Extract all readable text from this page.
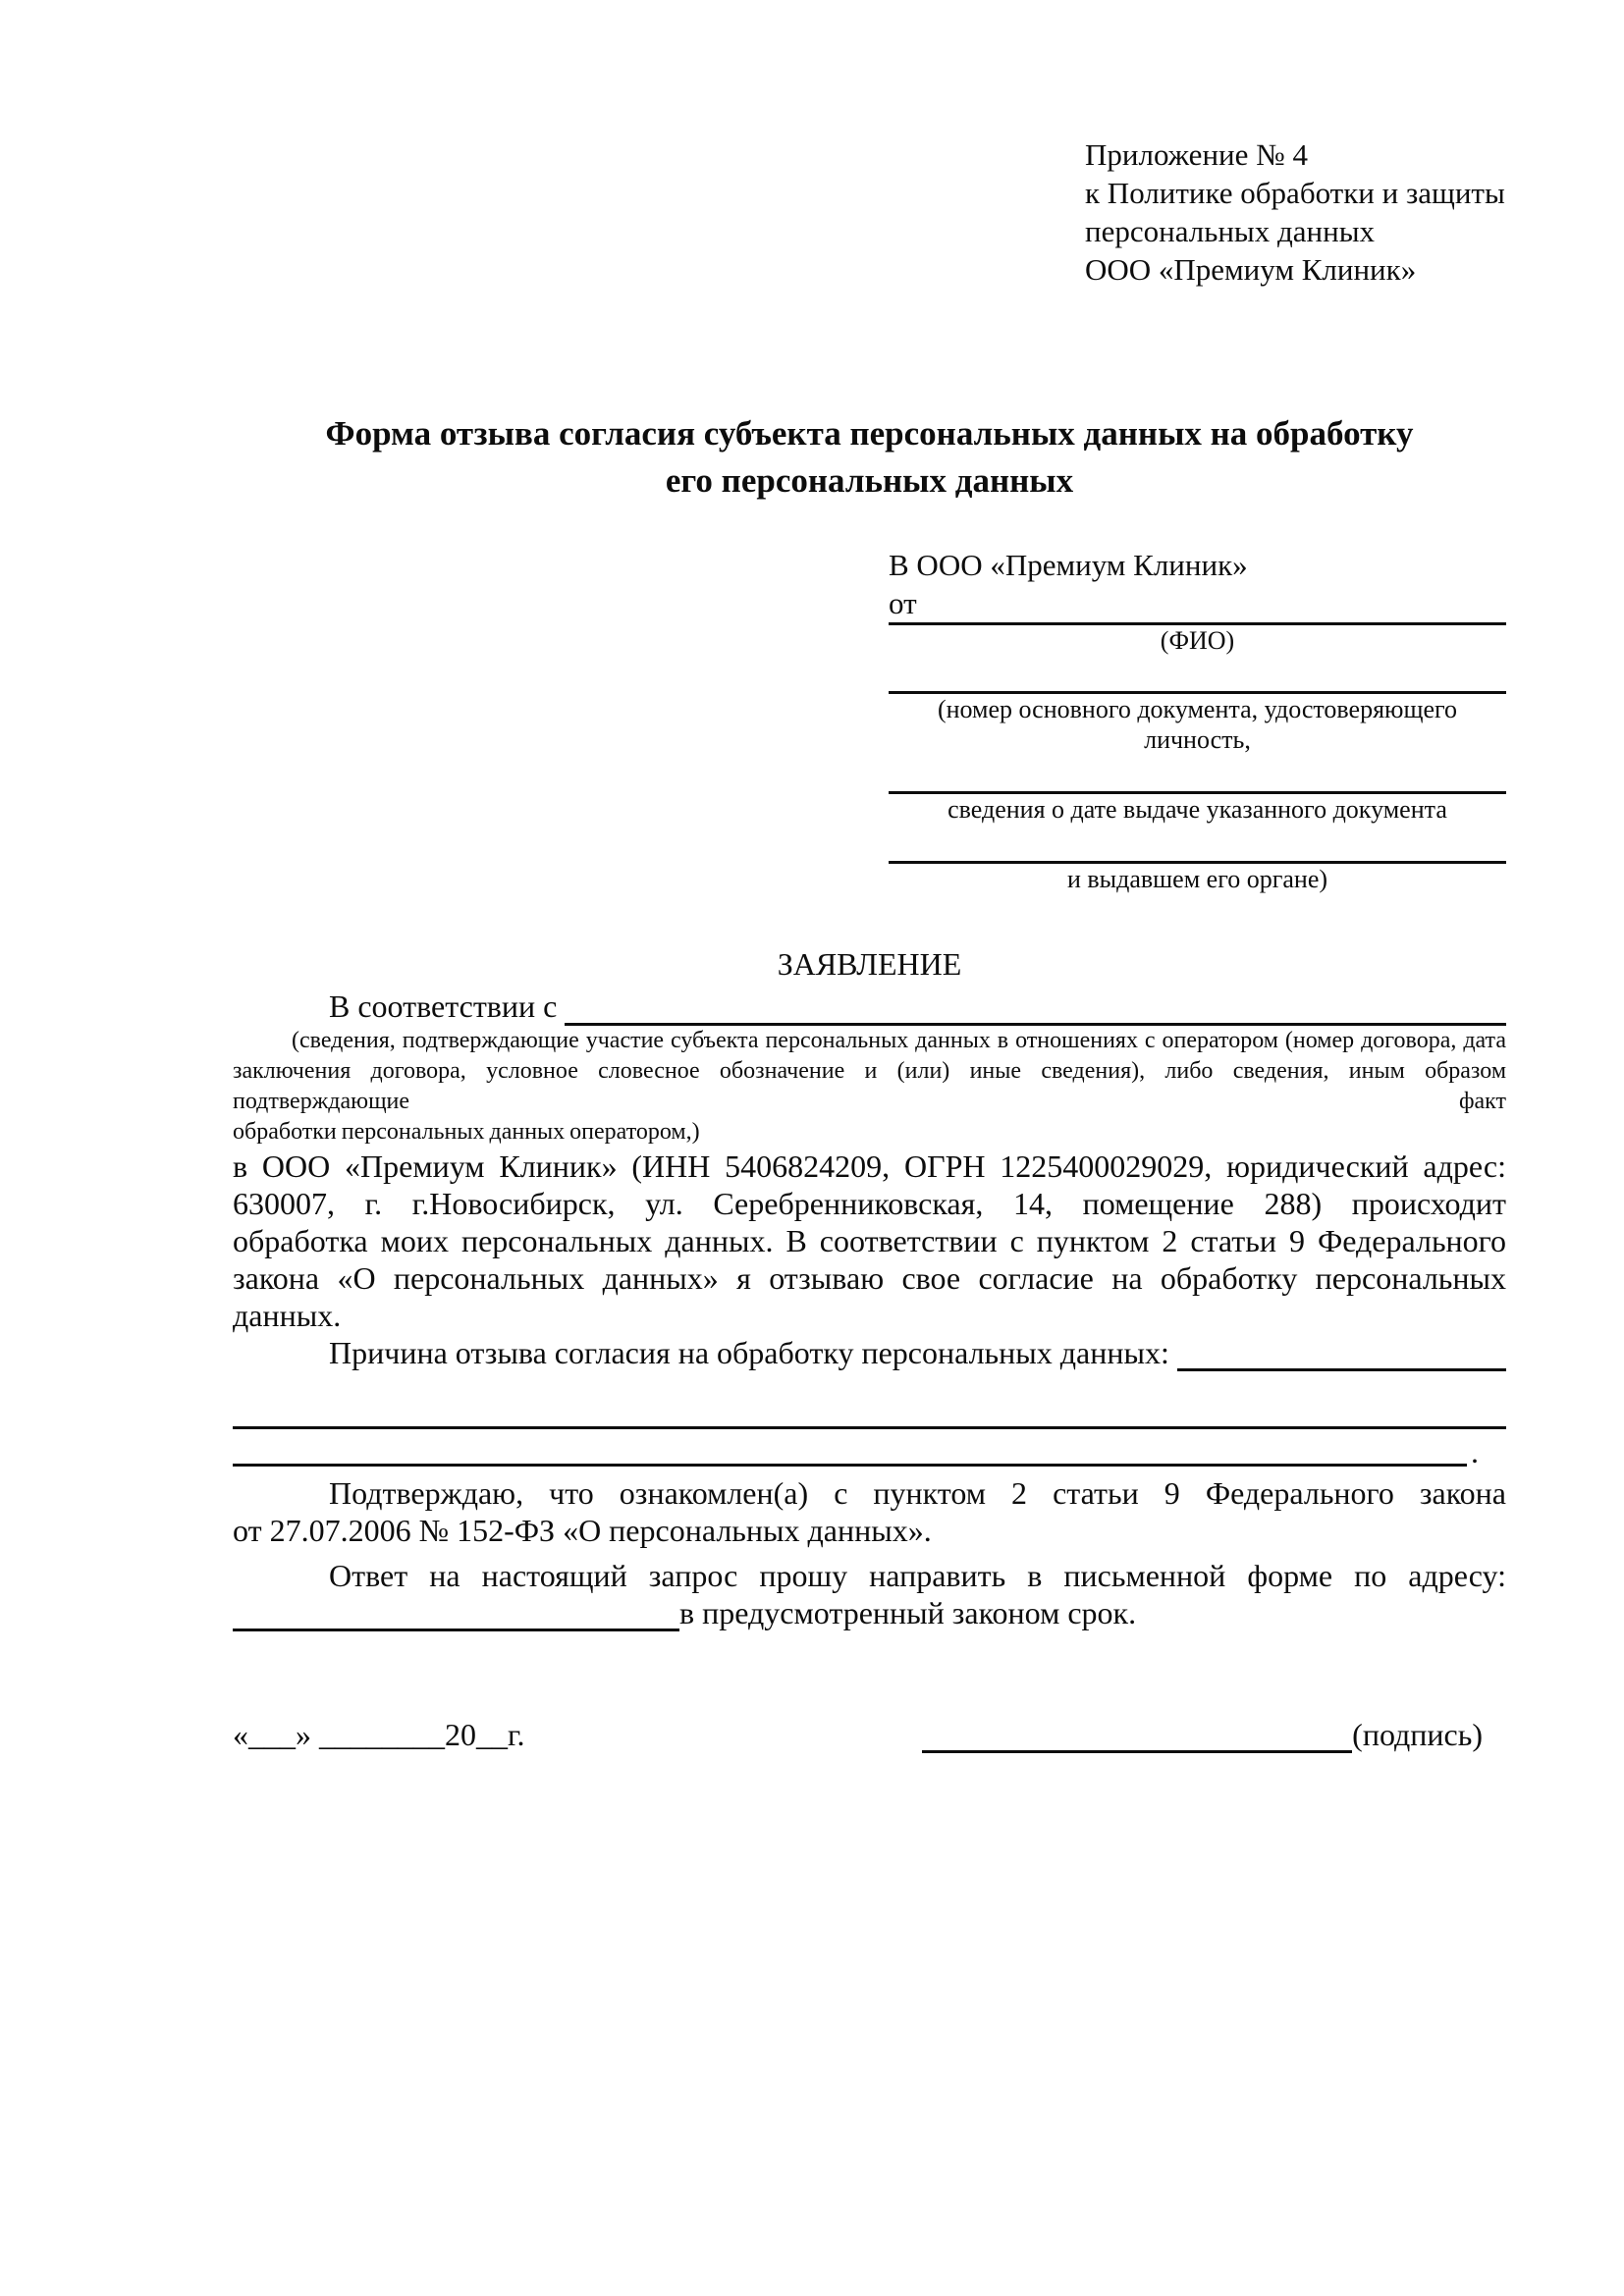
Приложение № 4
к Политике обработки и защиты
персональных данных
ООО «Премиум Клиник»
Форма отзыва согласия субъекта персональных данных на обработку
его персональных данных
В ООО «Премиум Клиник»
от
(ФИО)
(номер основного документа, удостоверяющего личность,
сведения о дате выдаче указанного документа
и выдавшем его органе)
ЗАЯВЛЕНИЕ
В соответствии с
(сведения, подтверждающие участие субъекта персональных данных в отношениях с оператором (номер договора, дата
заключения договора, условное словесное обозначение и (или) иные сведения), либо сведения, иным образом подтверждающие факт
обработки персональных данных оператором,)
в ООО «Премиум Клиник» (ИНН 5406824209, ОГРН 1225400029029, юридический адрес:
630007, г. г.Новосибирск, ул. Серебренниковская, 14, помещение 288) происходит
обработка моих персональных данных. В соответствии с пунктом 2 статьи 9 Федерального
закона «О персональных данных» я отзываю свое согласие на обработку персональных
данных.
Причина отзыва согласия на обработку персональных данных:
.
Подтверждаю, что ознакомлен(а) с пунктом 2 статьи 9 Федерального закона
от 27.07.2006 № 152-ФЗ «О персональных данных».
Ответ на настоящий запрос прошу направить в письменной форме по адресу:
в предусмотренный законом срок.
«___» ________20__г.	(подпись)
